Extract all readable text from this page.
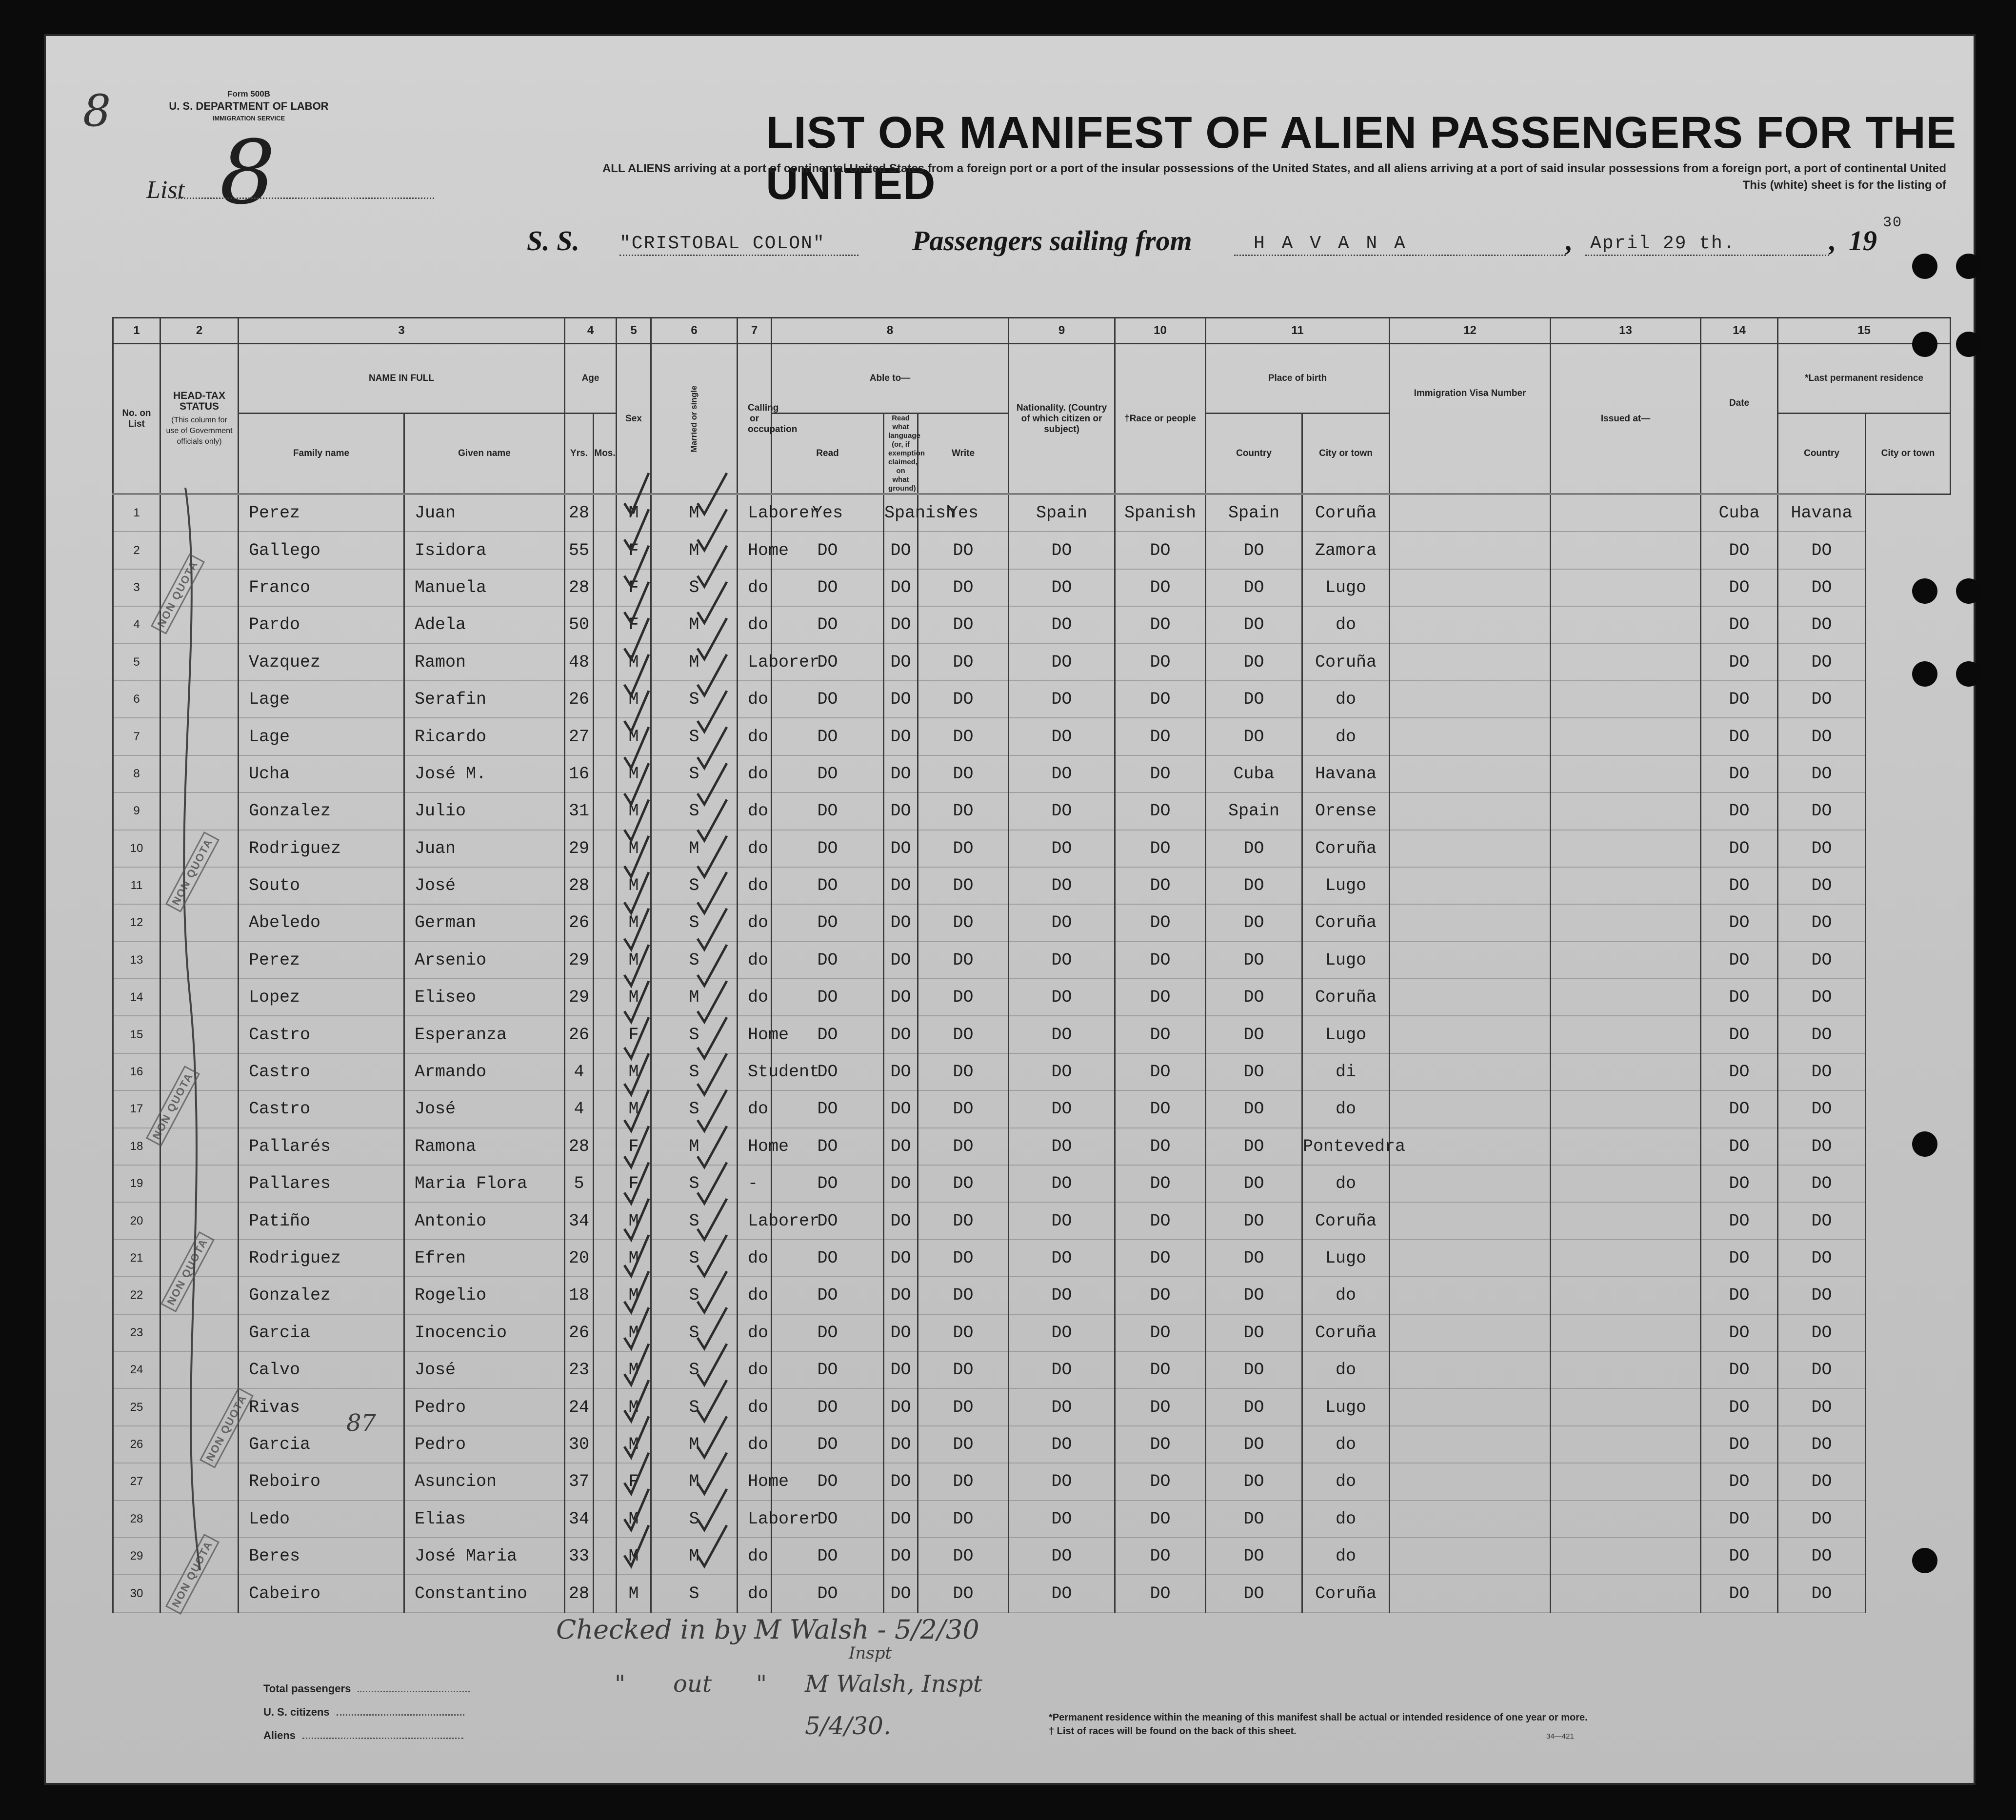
8	Form 500B
U. S. DEPARTMENT OF LABOR
IMMIGRATION SERVICE
List 8	LIST OR MANIFEST OF ALIEN PASSENGERS FOR THE UNITED
ALL ALIENS arriving at a port of continental United States from a foreign port or a port of the insular possessions of the United States, and all aliens arriving at a port of said insular possessions from a foreign port, a port of continental United
This (white) sheet is for the listing of
S. S. "CRISTOBAL COLON"	Passengers sailing from	H A V A N A	, April 29 th.	, 19
30
1	2	3		4		5	6	7	8			9	10	11		12	13	14	15	
No. on List	HEAD-TAX STATUS
(This column for use of Government officials only)	NAME IN FULL		Age		Sex	Married or single	Calling or occupation	Able to—			Nationality. (Country of which citizen or subject)	†Race or people	Place of birth		Immigration Visa Number	Issued at—	Date	*Last permanent residence	
		Family name	Given name	Yrs.	Mos.				Read	Read what language (or, if exemption claimed, on what ground)	Write			Country	City or town				Country	City or town
1		Perez	Juan	28		M	M	Laborer	Yes	Spanish	Yes	Spain	Spanish	Spain	Coruña			Cuba	Havana	
2		Gallego	Isidora	55		F	M	Home	DO	DO	DO	DO	DO	DO	Zamora			DO	DO	
3		Franco	Manuela	28		F	S	do	DO	DO	DO	DO	DO	DO	Lugo			DO	DO	
4		Pardo	Adela	50		F	M	do	DO	DO	DO	DO	DO	DO	do			DO	DO	
5		Vazquez	Ramon	48		M	M	Laborer	DO	DO	DO	DO	DO	DO	Coruña			DO	DO	
6		Lage	Serafin	26		M	S	do	DO	DO	DO	DO	DO	DO	do			DO	DO	
7		Lage	Ricardo	27		M	S	do	DO	DO	DO	DO	DO	DO	do			DO	DO	
8		Ucha	José M.	16		M	S	do	DO	DO	DO	DO	DO	Cuba	Havana			DO	DO	
9		Gonzalez	Julio	31		M	S	do	DO	DO	DO	DO	DO	Spain	Orense			DO	DO	
10		Rodriguez	Juan	29		M	M	do	DO	DO	DO	DO	DO	DO	Coruña			DO	DO	
11		Souto	José	28		M	S	do	DO	DO	DO	DO	DO	DO	Lugo			DO	DO	
12		Abeledo	German	26		M	S	do	DO	DO	DO	DO	DO	DO	Coruña			DO	DO	
13		Perez	Arsenio	29		M	S	do	DO	DO	DO	DO	DO	DO	Lugo			DO	DO	
14		Lopez	Eliseo	29		M	M	do	DO	DO	DO	DO	DO	DO	Coruña			DO	DO	
15		Castro	Esperanza	26		F	S	Home	DO	DO	DO	DO	DO	DO	Lugo			DO	DO	
16		Castro	Armando	4		M	S	Student	DO	DO	DO	DO	DO	DO	di			DO	DO	
17		Castro	José	4		M	S	do	DO	DO	DO	DO	DO	DO	do			DO	DO	
18		Pallarés	Ramona	28		F	M	Home	DO	DO	DO	DO	DO	DO	Pontevedra			DO	DO	
19		Pallares	Maria Flora	5		F	S	-	DO	DO	DO	DO	DO	DO	do			DO	DO	
20		Patiño	Antonio	34		M	S	Laborer	DO	DO	DO	DO	DO	DO	Coruña			DO	DO	
21		Rodriguez	Efren	20		M	S	do	DO	DO	DO	DO	DO	DO	Lugo			DO	DO	
22		Gonzalez	Rogelio	18		M	S	do	DO	DO	DO	DO	DO	DO	do			DO	DO	
23		Garcia	Inocencio	26		M	S	do	DO	DO	DO	DO	DO	DO	Coruña			DO	DO	
24		Calvo	José	23		M	S	do	DO	DO	DO	DO	DO	DO	do			DO	DO	
25		Rivas	Pedro	24		M	S	do	DO	DO	DO	DO	DO	DO	Lugo			DO	DO	
26		Garcia	Pedro	30		M	M	do	DO	DO	DO	DO	DO	DO	do			DO	DO	
27		Reboiro	Asuncion	37		F	M	Home	DO	DO	DO	DO	DO	DO	do			DO	DO	
28		Ledo	Elias	34		M	S	Laborer	DO	DO	DO	DO	DO	DO	do			DO	DO	
29		Beres	José Maria	33		M	M	do	DO	DO	DO	DO	DO	DO	do			DO	DO	
30		Cabeiro	Constantino	28		M	S	do	DO	DO	DO	DO	DO	DO	Coruña			DO	DO	
NON QUOTA
NON QUOTA
NON QUOTA
NON QUOTA
NON QUOTA
NON QUOTA
87
Checked in by M Walsh - 5/2/30
Inspt
" out " M Walsh, Inspt
5/4/30.
Total passengers
U. S. citizens
Aliens
*Permanent residence within the meaning of this manifest shall be actual or intended residence of one year or more.
† List of races will be found on the back of this sheet.	34—421
